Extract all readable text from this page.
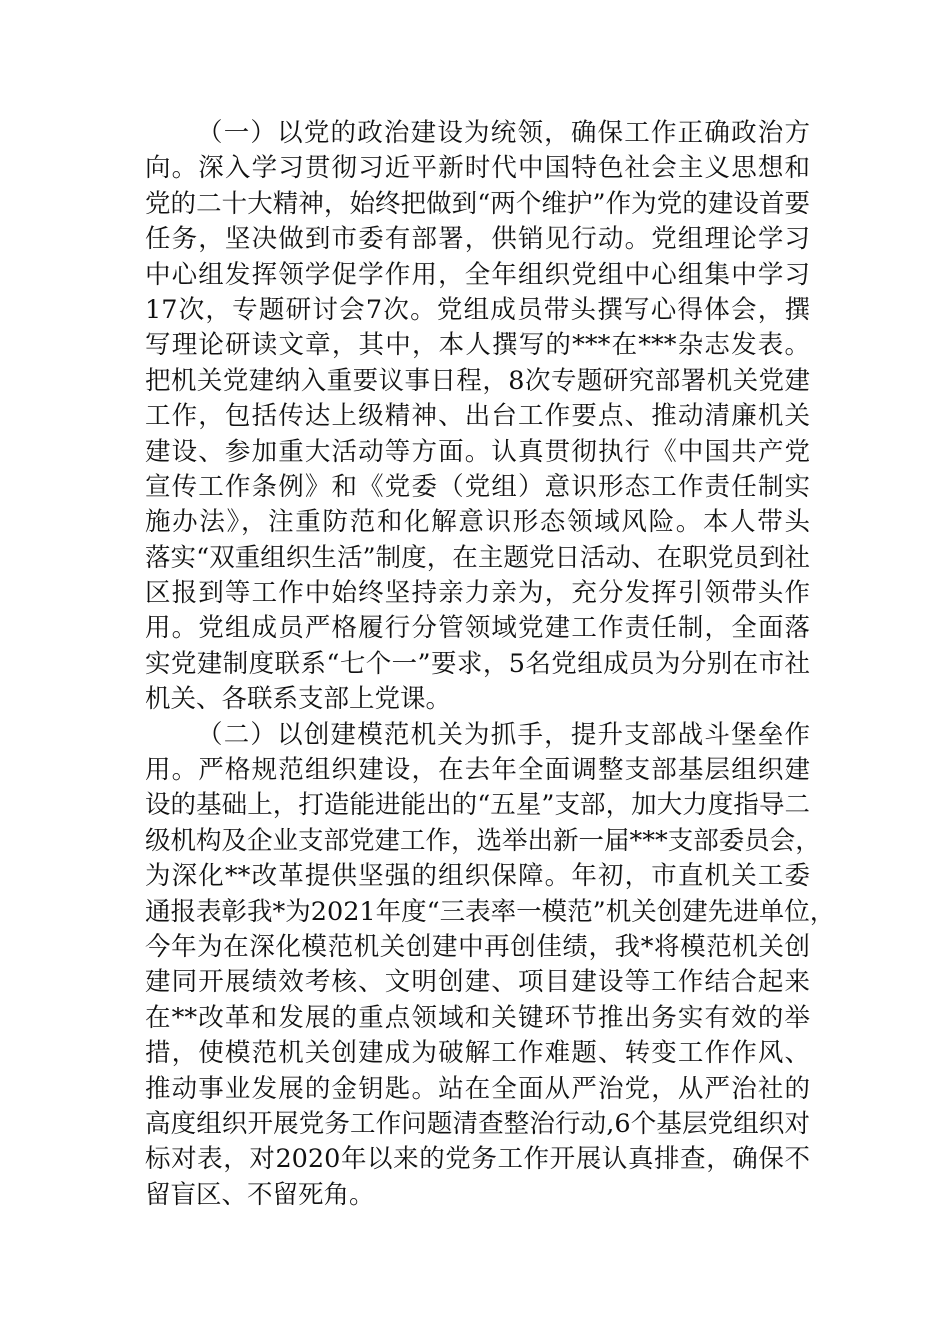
（一）以党的政治建设为统领，确保工作正确政治方
向。深入学习贯彻习近平新时代中国特色社会主义思想和
党的二十大精神，始终把做到“两个维护”作为党的建设首要
任务，坚决做到市委有部署，供销见行动。党组理论学习
中心组发挥领学促学作用，全年组织党组中心组集中学习
17次，专题研讨会7次。党组成员带头撰写心得体会，撰
写理论研读文章，其中，本人撰写的***在***杂志发表。
把机关党建纳入重要议事日程，8次专题研究部署机关党建
工作，包括传达上级精神、出台工作要点、推动清廉机关
建设、参加重大活动等方面。认真贯彻执行《中国共产党
宣传工作条例》和《党委（党组）意识形态工作责任制实
施办法》，注重防范和化解意识形态领域风险。本人带头
落实“双重组织生活”制度，在主题党日活动、在职党员到社
区报到等工作中始终坚持亲力亲为，充分发挥引领带头作
用。党组成员严格履行分管领域党建工作责任制，全面落
实党建制度联系“七个一”要求，5名党组成员为分别在市社
机关、各联系支部上党课。
（二）以创建模范机关为抓手，提升支部战斗堡垒作
用。严格规范组织建设，在去年全面调整支部基层组织建
设的基础上，打造能进能出的“五星”支部，加大力度指导二
级机构及企业支部党建工作，选举出新一届***支部委员会，
为深化**改革提供坚强的组织保障。年初，市直机关工委
通报表彰我*为2021年度“三表率一模范”机关创建先进单位，
今年为在深化模范机关创建中再创佳绩，我*将模范机关创
建同开展绩效考核、文明创建、项目建设等工作结合起来
在**改革和发展的重点领域和关键环节推出务实有效的举
措，使模范机关创建成为破解工作难题、转变工作作风、
推动事业发展的金钥匙。站在全面从严治党，从严治社的
高度组织开展党务工作问题清查整治行动,6个基层党组织对
标对表，对2020年以来的党务工作开展认真排查，确保不
留盲区、不留死角。
